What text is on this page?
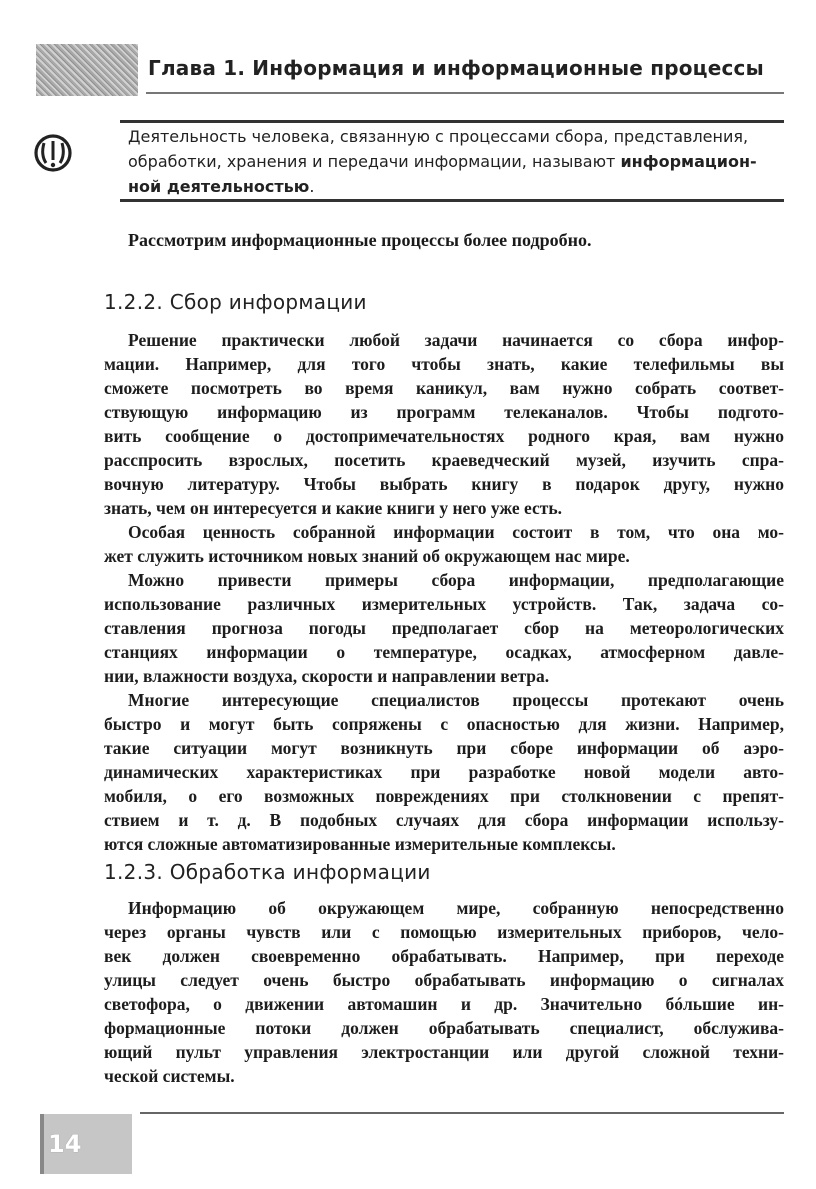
Глава 1. Информация и информационные процессы
Деятельность человека, связанную с процессами сбора, представления,
обработки, хранения и передачи информации, называют информацион-
ной деятельностью.
Рассмотрим информационные процессы более подробно.
1.2.2. Сбор информации
Решение практически любой задачи начинается со сбора инфор-
мации. Например, для того чтобы знать, какие телефильмы вы
сможете посмотреть во время каникул, вам нужно собрать соответ-
ствующую информацию из программ телеканалов. Чтобы подгото-
вить сообщение о достопримечательностях родного края, вам нужно
расспросить взрослых, посетить краеведческий музей, изучить спра-
вочную литературу. Чтобы выбрать книгу в подарок другу, нужно
знать, чем он интересуется и какие книги у него уже есть.
Особая ценность собранной информации состоит в том, что она мо-
жет служить источником новых знаний об окружающем нас мире.
Можно привести примеры сбора информации, предполагающие
использование различных измерительных устройств. Так, задача со-
ставления прогноза погоды предполагает сбор на метеорологических
станциях информации о температуре, осадках, атмосферном давле-
нии, влажности воздуха, скорости и направлении ветра.
Многие интересующие специалистов процессы протекают очень
быстро и могут быть сопряжены с опасностью для жизни. Например,
такие ситуации могут возникнуть при сборе информации об аэро-
динамических характеристиках при разработке новой модели авто-
мобиля, о его возможных повреждениях при столкновении с препят-
ствием и т. д. В подобных случаях для сбора информации использу-
ются сложные автоматизированные измерительные комплексы.
1.2.3. Обработка информации
Информацию об окружающем мире, собранную непосредственно
через органы чувств или с помощью измерительных приборов, чело-
век должен своевременно обрабатывать. Например, при переходе
улицы следует очень быстро обрабатывать информацию о сигналах
светофора, о движении автомашин и др. Значительно бóльшие ин-
формационные потоки должен обрабатывать специалист, обслужива-
ющий пульт управления электростанции или другой сложной техни-
ческой системы.
14
